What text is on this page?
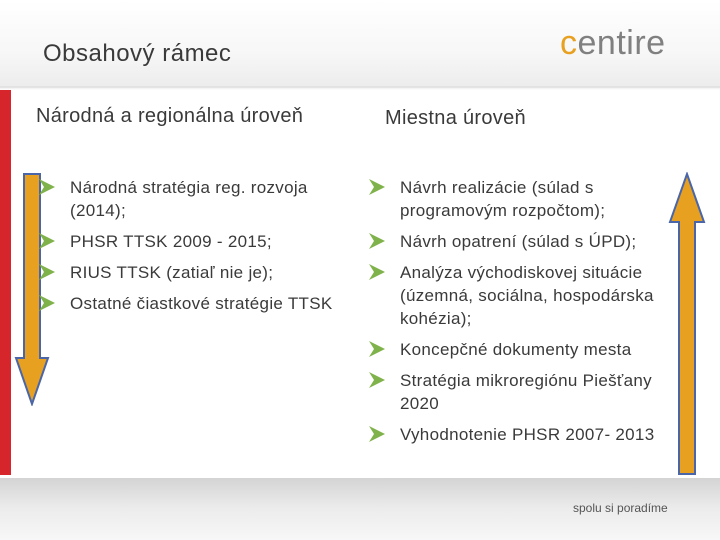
Obsahový rámec	centire
Národná a regionálna úroveň	Miestna úroveň
Národná stratégia reg. rozvoja (2014);
PHSR TTSK 2009 - 2015;
RIUS TTSK (zatiaľ nie je);
Ostatné čiastkové stratégie TTSK
Návrh realizácie (súlad s programovým rozpočtom);
Návrh opatrení (súlad s ÚPD);
Analýza východiskovej situácie (územná, sociálna, hospodárska kohézia);
Koncepčné dokumenty mesta
Stratégia mikroregiónu Piešťany 2020
Vyhodnotenie PHSR 2007- 2013
spolu si poradíme
